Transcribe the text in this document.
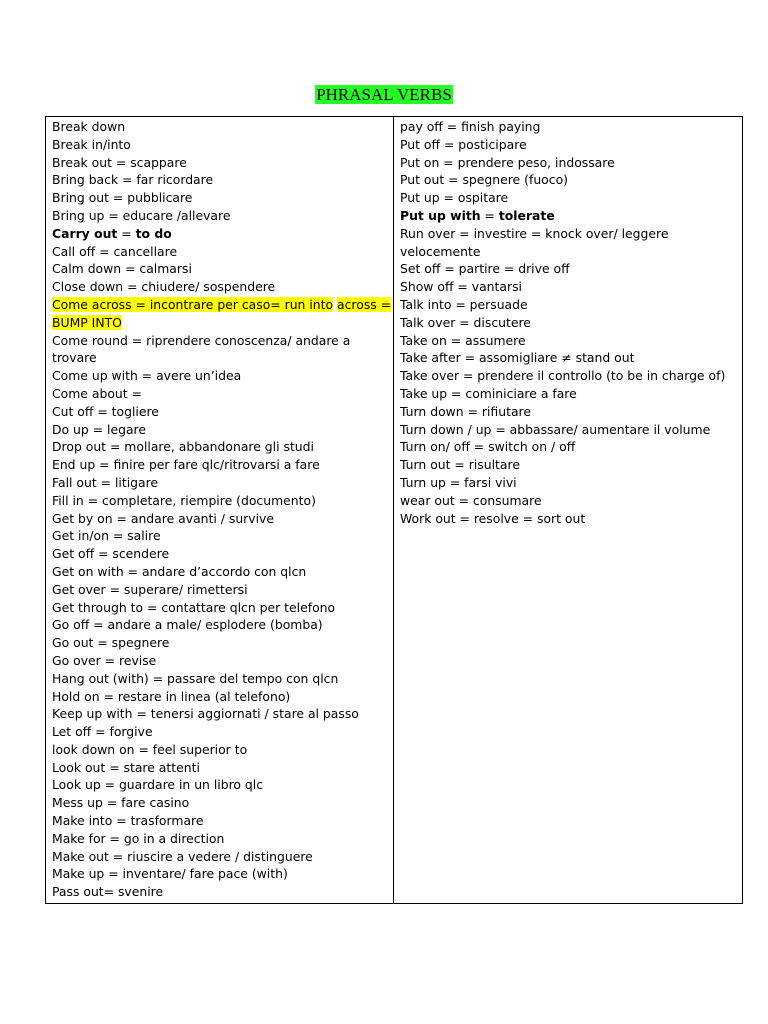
PHRASAL VERBS
Break down
Break in/into
Break out = scappare
Bring back = far ricordare
Bring out = pubblicare
Bring up = educare /allevare
Carry out = to do
Call off = cancellare
Calm down = calmarsi
Close down = chiudere/ sospendere
Come across = incontrare per caso= run into across =
BUMP INTO
Come round = riprendere conoscenza/ andare a
trovare
Come up with = avere un’idea
Come about =
Cut off = togliere
Do up = legare
Drop out = mollare, abbandonare gli studi
End up = finire per fare qlc/ritrovarsi a fare
Fall out = litigare
Fill in = completare, riempire (documento)
Get by on = andare avanti / survive
Get in/on = salire
Get off = scendere
Get on with = andare d’accordo con qlcn
Get over = superare/ rimettersi
Get through to = contattare qlcn per telefono
Go off = andare a male/ esplodere (bomba)
Go out = spegnere
Go over = revise
Hang out (with) = passare del tempo con qlcn
Hold on = restare in linea (al telefono)
Keep up with = tenersi aggiornati / stare al passo
Let off = forgive
look down on = feel superior to
Look out = stare attenti
Look up = guardare in un libro qlc
Mess up = fare casino
Make into = trasformare
Make for = go in a direction
Make out = riuscire a vedere / distinguere
Make up = inventare/ fare pace (with)
Pass out= svenire

pay off = finish paying
Put off = posticipare
Put on = prendere peso, indossare
Put out = spegnere (fuoco)
Put up = ospitare
Put up with = tolerate
Run over = investire = knock over/ leggere
velocemente
Set off = partire = drive off
Show off = vantarsi
Talk into = persuade
Talk over = discutere
Take on = assumere
Take after = assomigliare ≠ stand out
Take over = prendere il controllo (to be in charge of)
Take up = cominiciare a fare
Turn down = rifiutare
Turn down / up = abbassare/ aumentare il volume
Turn on/ off = switch on / off
Turn out = risultare
Turn up = farsi vivi
wear out = consumare
Work out = resolve = sort out
